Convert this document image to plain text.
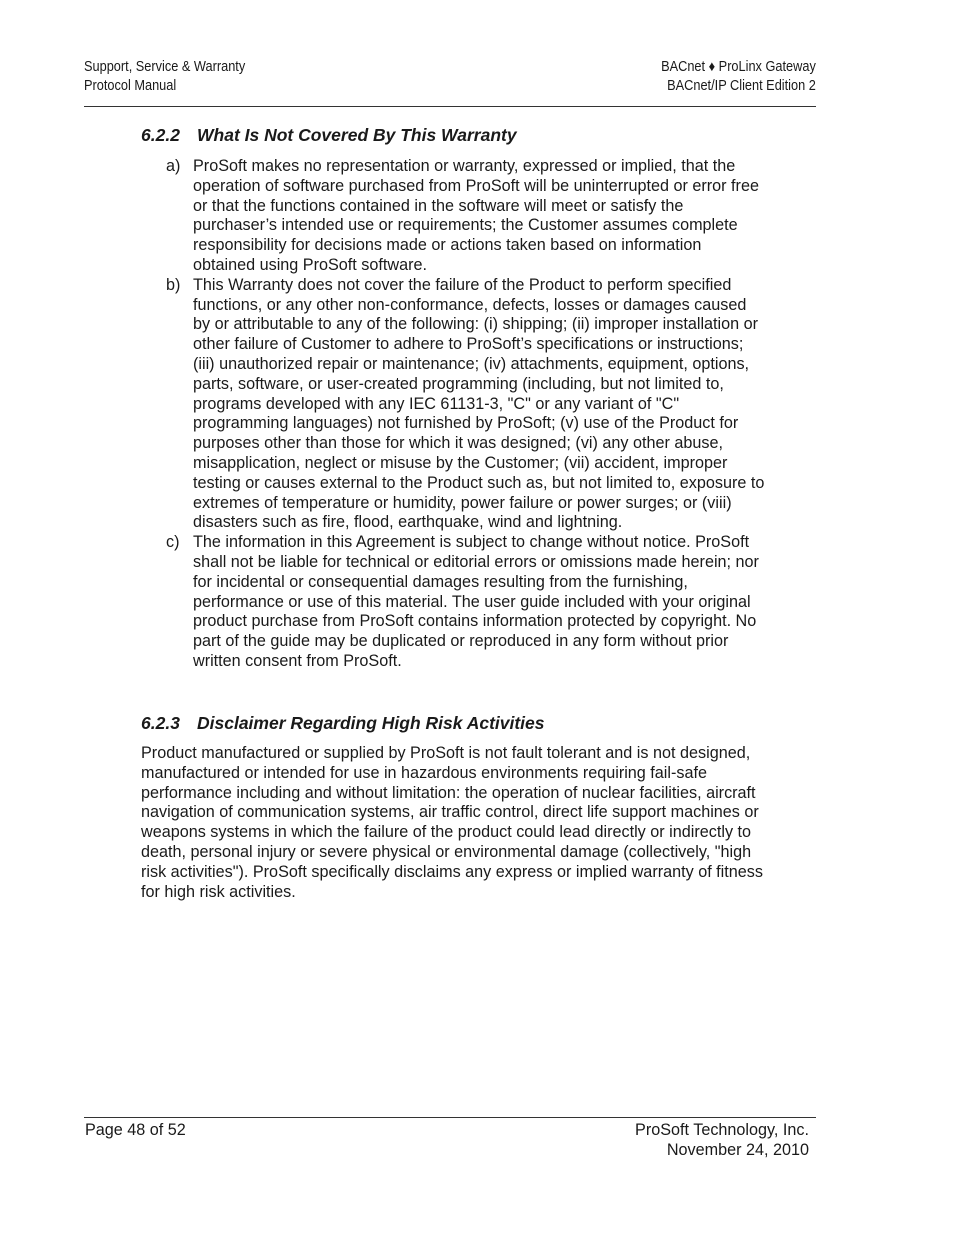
Support, Service & Warranty
Protocol Manual
BACnet ♦ ProLinx Gateway
BACnet/IP Client Edition 2
6.2.2 What Is Not Covered By This Warranty
a) ProSoft makes no representation or warranty, expressed or implied, that the operation of software purchased from ProSoft will be uninterrupted or error free or that the functions contained in the software will meet or satisfy the purchaser’s intended use or requirements; the Customer assumes complete responsibility for decisions made or actions taken based on information obtained using ProSoft software.
b) This Warranty does not cover the failure of the Product to perform specified functions, or any other non-conformance, defects, losses or damages caused by or attributable to any of the following: (i) shipping; (ii) improper installation or other failure of Customer to adhere to ProSoft’s specifications or instructions; (iii) unauthorized repair or maintenance; (iv) attachments, equipment, options, parts, software, or user-created programming (including, but not limited to, programs developed with any IEC 61131-3, "C" or any variant of "C" programming languages) not furnished by ProSoft; (v) use of the Product for purposes other than those for which it was designed; (vi) any other abuse, misapplication, neglect or misuse by the Customer; (vii) accident, improper testing or causes external to the Product such as, but not limited to, exposure to extremes of temperature or humidity, power failure or power surges; or (viii) disasters such as fire, flood, earthquake, wind and lightning.
c) The information in this Agreement is subject to change without notice. ProSoft shall not be liable for technical or editorial errors or omissions made herein; nor for incidental or consequential damages resulting from the furnishing, performance or use of this material. The user guide included with your original product purchase from ProSoft contains information protected by copyright. No part of the guide may be duplicated or reproduced in any form without prior written consent from ProSoft.
6.2.3 Disclaimer Regarding High Risk Activities

Product manufactured or supplied by ProSoft is not fault tolerant and is not designed, manufactured or intended for use in hazardous environments requiring fail-safe performance including and without limitation: the operation of nuclear facilities, aircraft navigation of communication systems, air traffic control, direct life support machines or weapons systems in which the failure of the product could lead directly or indirectly to death, personal injury or severe physical or environmental damage (collectively, "high risk activities"). ProSoft specifically disclaims any express or implied warranty of fitness for high risk activities.

Page 48 of 52	ProSoft Technology, Inc.
November 24, 2010
